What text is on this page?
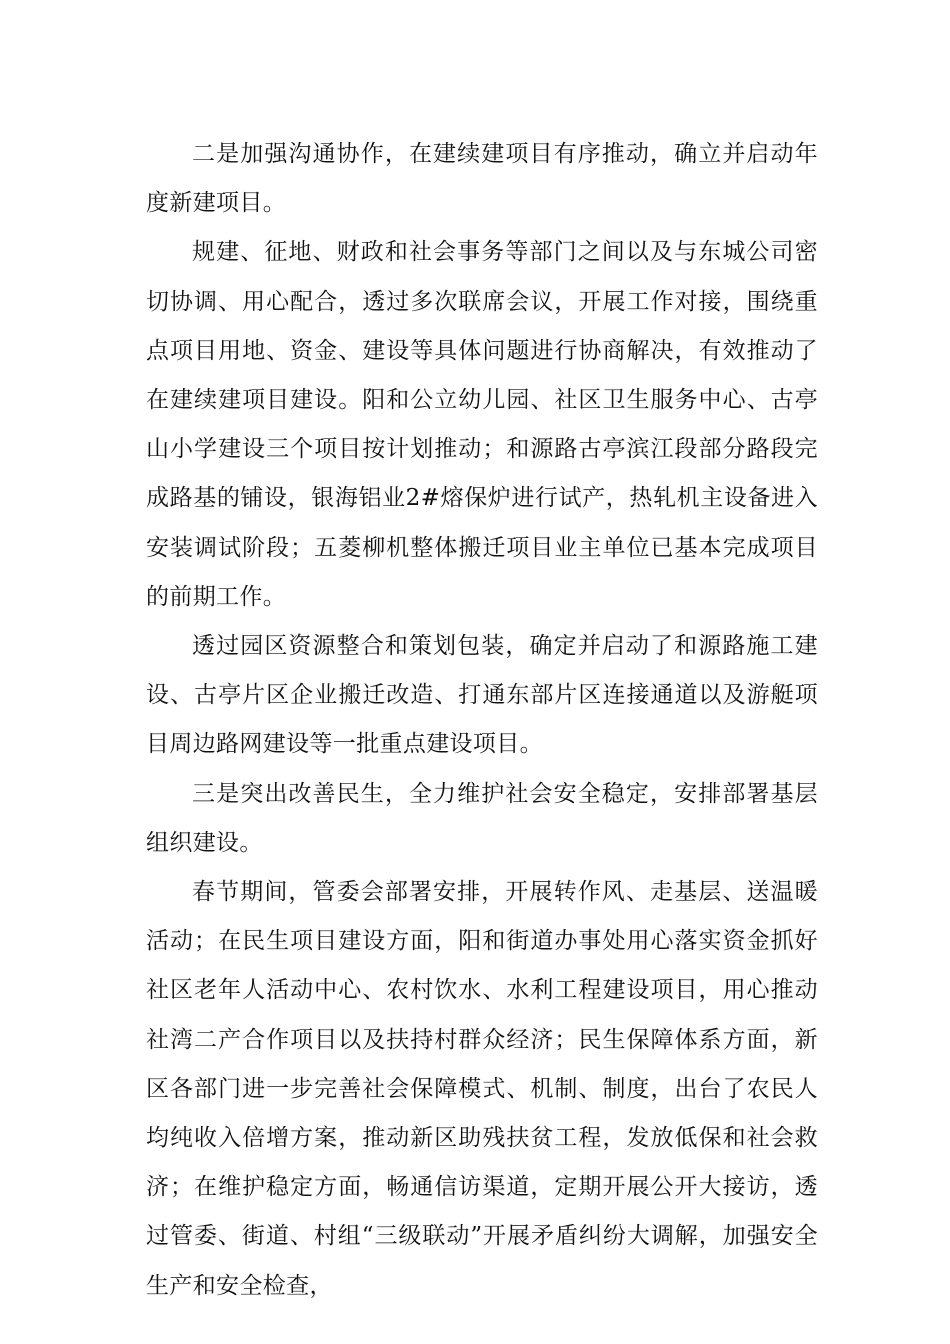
二是加强沟通协作，在建续建项目有序推动，确立并启动年度新建项目。

规建、征地、财政和社会事务等部门之间以及与东城公司密切协调、用心配合，透过多次联席会议，开展工作对接，围绕重点项目用地、资金、建设等具体问题进行协商解决，有效推动了在建续建项目建设。阳和公立幼儿园、社区卫生服务中心、古亭山小学建设三个项目按计划推动；和源路古亭滨江段部分路段完成路基的铺设，银海铝业2#熔保炉进行试产，热轧机主设备进入安装调试阶段；五菱柳机整体搬迁项目业主单位已基本完成项目的前期工作。

透过园区资源整合和策划包装，确定并启动了和源路施工建设、古亭片区企业搬迁改造、打通东部片区连接通道以及游艇项目周边路网建设等一批重点建设项目。

三是突出改善民生，全力维护社会安全稳定，安排部署基层组织建设。

春节期间，管委会部署安排，开展转作风、走基层、送温暖活动；在民生项目建设方面，阳和街道办事处用心落实资金抓好社区老年人活动中心、农村饮水、水利工程建设项目，用心推动社湾二产合作项目以及扶持村群众经济；民生保障体系方面，新区各部门进一步完善社会保障模式、机制、制度，出台了农民人均纯收入倍增方案，推动新区助残扶贫工程，发放低保和社会救济；在维护稳定方面，畅通信访渠道，定期开展公开大接访，透过管委、街道、村组“三级联动”开展矛盾纠纷大调解，加强安全生产和安全检查，
